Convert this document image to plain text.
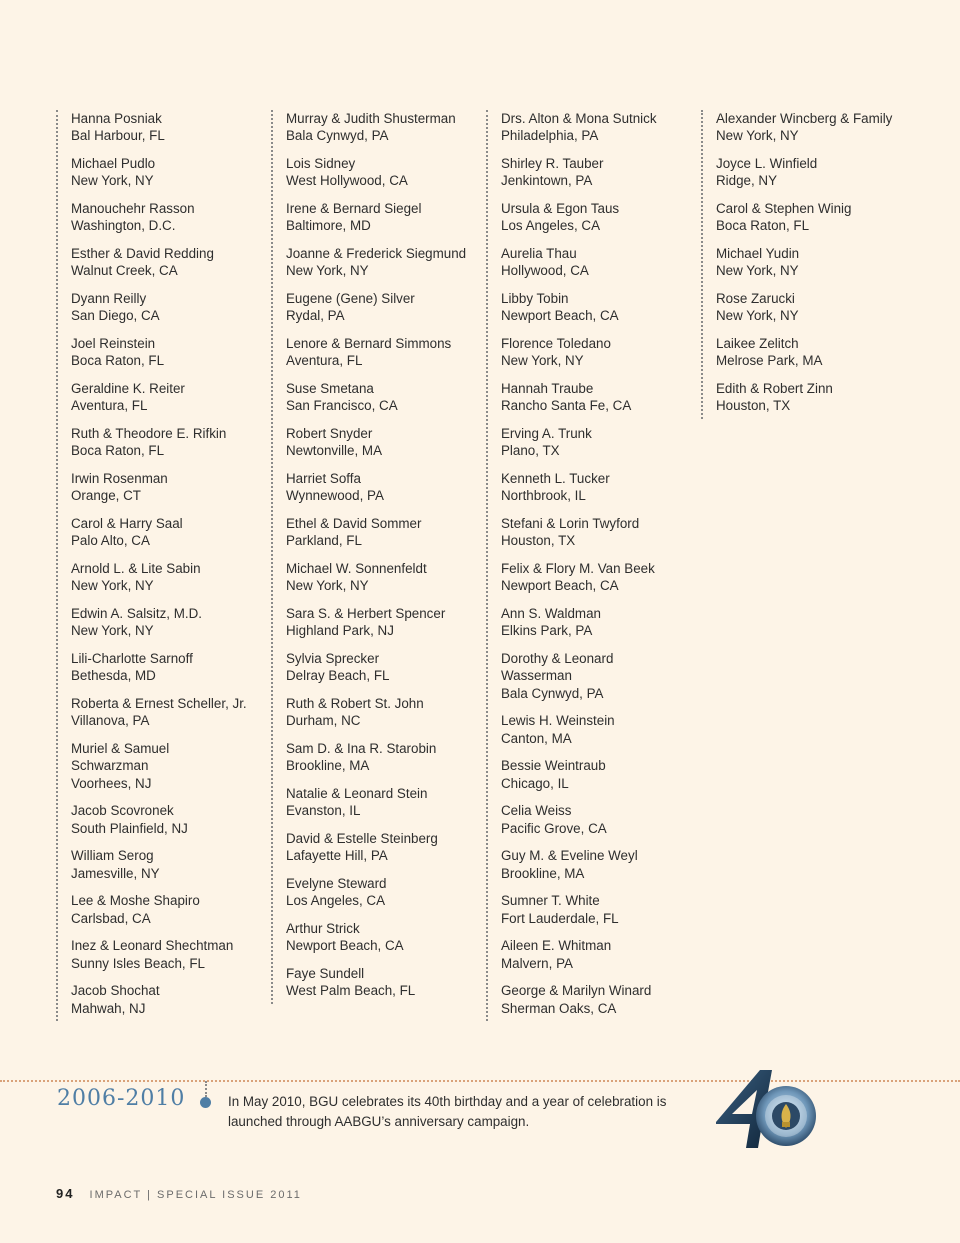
Hanna Posniak
Bal Harbour, FL
Michael Pudlo
New York, NY
Manouchehr Rasson
Washington, D.C.
Esther & David Redding
Walnut Creek, CA
Dyann Reilly
San Diego, CA
Joel Reinstein
Boca Raton, FL
Geraldine K. Reiter
Aventura, FL
Ruth & Theodore E. Rifkin
Boca Raton, FL
Irwin Rosenman
Orange, CT
Carol & Harry Saal
Palo Alto, CA
Arnold L. & Lite Sabin
New York, NY
Edwin A. Salsitz, M.D.
New York, NY
Lili-Charlotte Sarnoff
Bethesda, MD
Roberta & Ernest Scheller, Jr.
Villanova, PA
Muriel & Samuel
Schwarzman
Voorhees, NJ
Jacob Scovronek
South Plainfield, NJ
William Serog
Jamesville, NY
Lee & Moshe Shapiro
Carlsbad, CA
Inez & Leonard Shechtman
Sunny Isles Beach, FL
Jacob Shochat
Mahwah, NJ
Murray & Judith Shusterman
Bala Cynwyd, PA
Lois Sidney
West Hollywood, CA
Irene & Bernard Siegel
Baltimore, MD
Joanne & Frederick Siegmund
New York, NY
Eugene (Gene) Silver
Rydal, PA
Lenore & Bernard Simmons
Aventura, FL
Suse Smetana
San Francisco, CA
Robert Snyder
Newtonville, MA
Harriet Soffa
Wynnewood, PA
Ethel & David Sommer
Parkland, FL
Michael W. Sonnenfeldt
New York, NY
Sara S. & Herbert Spencer
Highland Park, NJ
Sylvia Sprecker
Delray Beach, FL
Ruth & Robert St. John
Durham, NC
Sam D. & Ina R. Starobin
Brookline, MA
Natalie & Leonard Stein
Evanston, IL
David & Estelle Steinberg
Lafayette Hill, PA
Evelyne Steward
Los Angeles, CA
Arthur Strick
Newport Beach, CA
Faye Sundell
West Palm Beach, FL
Drs. Alton & Mona Sutnick
Philadelphia, PA
Shirley R. Tauber
Jenkintown, PA
Ursula & Egon Taus
Los Angeles, CA
Aurelia Thau
Hollywood, CA
Libby Tobin
Newport Beach, CA
Florence Toledano
New York, NY
Hannah Traube
Rancho Santa Fe, CA
Erving A. Trunk
Plano, TX
Kenneth L. Tucker
Northbrook, IL
Stefani & Lorin Twyford
Houston, TX
Felix & Flory M. Van Beek
Newport Beach, CA
Ann S. Waldman
Elkins Park, PA
Dorothy & Leonard
Wasserman
Bala Cynwyd, PA
Lewis H. Weinstein
Canton, MA
Bessie Weintraub
Chicago, IL
Celia Weiss
Pacific Grove, CA
Guy M. & Eveline Weyl
Brookline, MA
Sumner T. White
Fort Lauderdale, FL
Aileen E. Whitman
Malvern, PA
George & Marilyn Winard
Sherman Oaks, CA
Alexander Wincberg & Family
New York, NY
Joyce L. Winfield
Ridge, NY
Carol & Stephen Winig
Boca Raton, FL
Michael Yudin
New York, NY
Rose Zarucki
New York, NY
Laikee Zelitch
Melrose Park, MA
Edith & Robert Zinn
Houston, TX
2006-2010	In May 2010, BGU celebrates its 40th birthday and a year of celebration is launched through AABGU’s anniversary campaign.
94 IMPACT | SPECIAL ISSUE 2011
